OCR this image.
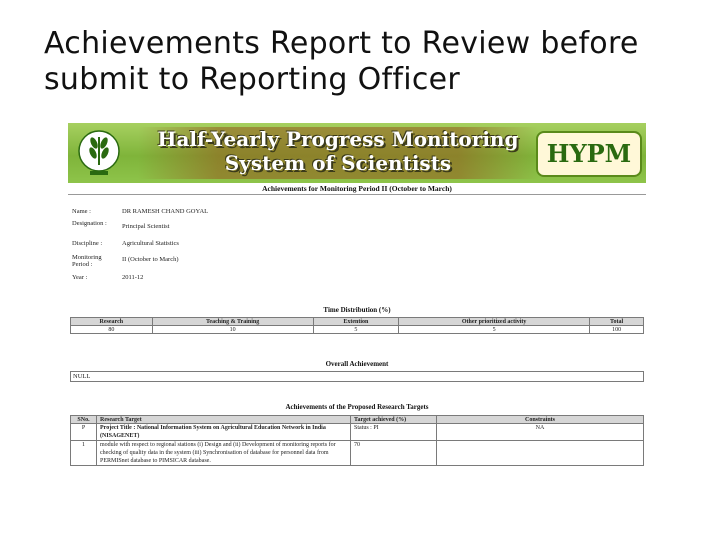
Achievements Report to Review before
submit to Reporting Officer
Half-Yearly Progress Monitoring
System of Scientists	HYPM
Achievements for Monitoring Period II (October to March)
Name :	DR RAMESH CHAND GOYAL
Designation :	Principal Scientist
Discipline :	Agricultural Statistics
Monitoring Period :
II (October to March)
Year :	2011-12
Time Distribution (%)
Research	Teaching & Training	Extention	Other prioritized activity	Total
80	10	5	5	100
Overall Achievement
NULL
Achievements of the Proposed Research Targets
SNo.	Research Target	Target achieved (%)	Constraints
P	Project Title : National Information System on Agricultural Education Network in India (NISAGENET)	Status : PI	NA
1	module with respect to regional stations (i) Design and (ii) Development of monitoring reports for checking of quality data in the system (iii) Synchronisation of database for personnel data from PERMISnet database to PIMSICAR database.	70	
